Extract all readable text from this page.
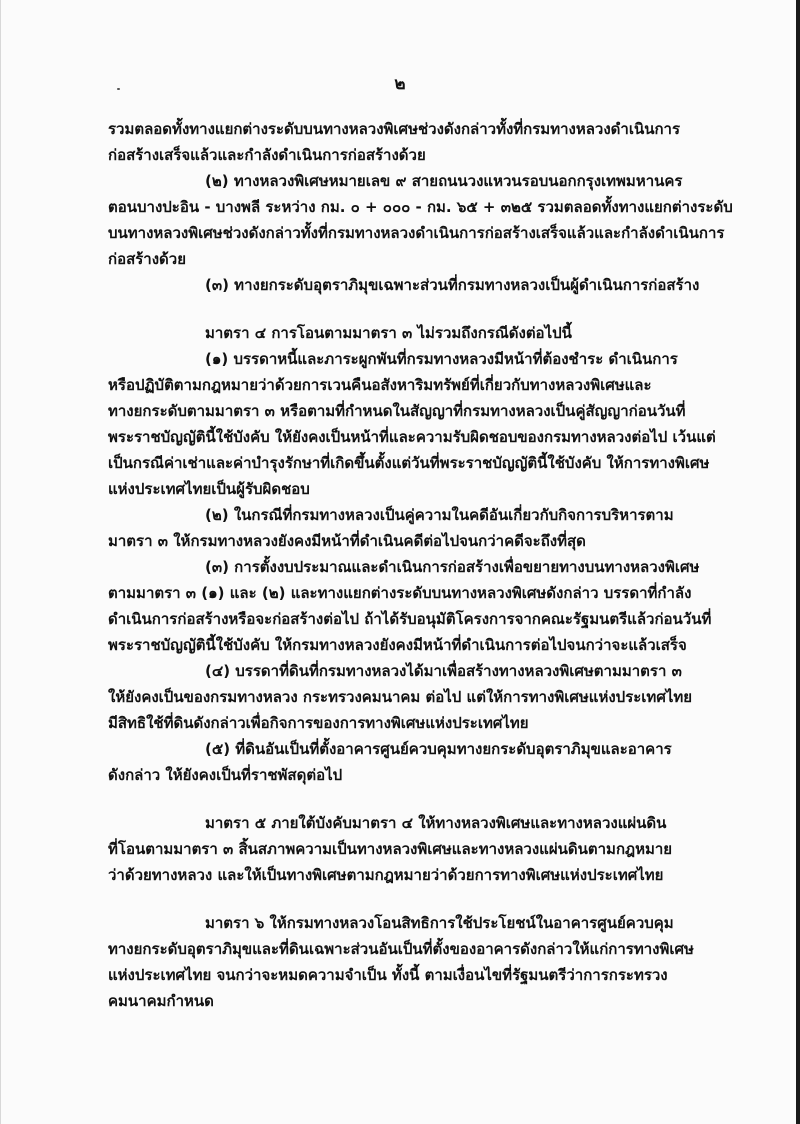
๒
รวมตลอดทั้งทางแยกต่างระดับบนทางหลวงพิเศษช่วงดังกล่าวทั้งที่กรมทางหลวงดำเนินการ
ก่อสร้างเสร็จแล้วและกำลังดำเนินการก่อสร้างด้วย
(๒) ทางหลวงพิเศษหมายเลข ๙ สายถนนวงแหวนรอบนอกกรุงเทพมหานคร
ตอนบางปะอิน - บางพลี ระหว่าง กม. ๐ + ๐๐๐ - กม. ๖๕ + ๓๒๕ รวมตลอดทั้งทางแยกต่างระดับ
บนทางหลวงพิเศษช่วงดังกล่าวทั้งที่กรมทางหลวงดำเนินการก่อสร้างเสร็จแล้วและกำลังดำเนินการ
ก่อสร้างด้วย
(๓) ทางยกระดับอุตราภิมุขเฉพาะส่วนที่กรมทางหลวงเป็นผู้ดำเนินการก่อสร้าง
มาตรา ๔ การโอนตามมาตรา ๓ ไม่รวมถึงกรณีดังต่อไปนี้
(๑) บรรดาหนี้และภาระผูกพันที่กรมทางหลวงมีหน้าที่ต้องชำระ ดำเนินการ
หรือปฏิบัติตามกฎหมายว่าด้วยการเวนคืนอสังหาริมทรัพย์ที่เกี่ยวกับทางหลวงพิเศษและ
ทางยกระดับตามมาตรา ๓ หรือตามที่กำหนดในสัญญาที่กรมทางหลวงเป็นคู่สัญญาก่อนวันที่
พระราชบัญญัตินี้ใช้บังคับ ให้ยังคงเป็นหน้าที่และความรับผิดชอบของกรมทางหลวงต่อไป เว้นแต่
เป็นกรณีค่าเช่าและค่าบำรุงรักษาที่เกิดขึ้นตั้งแต่วันที่พระราชบัญญัตินี้ใช้บังคับ ให้การทางพิเศษ
แห่งประเทศไทยเป็นผู้รับผิดชอบ
(๒) ในกรณีที่กรมทางหลวงเป็นคู่ความในคดีอันเกี่ยวกับกิจการบริหารตาม
มาตรา ๓ ให้กรมทางหลวงยังคงมีหน้าที่ดำเนินคดีต่อไปจนกว่าคดีจะถึงที่สุด
(๓) การตั้งงบประมาณและดำเนินการก่อสร้างเพื่อขยายทางบนทางหลวงพิเศษ
ตามมาตรา ๓ (๑) และ (๒) และทางแยกต่างระดับบนทางหลวงพิเศษดังกล่าว บรรดาที่กำลัง
ดำเนินการก่อสร้างหรือจะก่อสร้างต่อไป ถ้าได้รับอนุมัติโครงการจากคณะรัฐมนตรีแล้วก่อนวันที่
พระราชบัญญัตินี้ใช้บังคับ ให้กรมทางหลวงยังคงมีหน้าที่ดำเนินการต่อไปจนกว่าจะแล้วเสร็จ
(๔) บรรดาที่ดินที่กรมทางหลวงได้มาเพื่อสร้างทางหลวงพิเศษตามมาตรา ๓
ให้ยังคงเป็นของกรมทางหลวง กระทรวงคมนาคม ต่อไป แต่ให้การทางพิเศษแห่งประเทศไทย
มีสิทธิใช้ที่ดินดังกล่าวเพื่อกิจการของการทางพิเศษแห่งประเทศไทย
(๕) ที่ดินอันเป็นที่ตั้งอาคารศูนย์ควบคุมทางยกระดับอุตราภิมุขและอาคาร
ดังกล่าว ให้ยังคงเป็นที่ราชพัสดุต่อไป
มาตรา ๕ ภายใต้บังคับมาตรา ๔ ให้ทางหลวงพิเศษและทางหลวงแผ่นดิน
ที่โอนตามมาตรา ๓ สิ้นสภาพความเป็นทางหลวงพิเศษและทางหลวงแผ่นดินตามกฎหมาย
ว่าด้วยทางหลวง และให้เป็นทางพิเศษตามกฎหมายว่าด้วยการทางพิเศษแห่งประเทศไทย
มาตรา ๖ ให้กรมทางหลวงโอนสิทธิการใช้ประโยชน์ในอาคารศูนย์ควบคุม
ทางยกระดับอุตราภิมุขและที่ดินเฉพาะส่วนอันเป็นที่ตั้งของอาคารดังกล่าวให้แก่การทางพิเศษ
แห่งประเทศไทย จนกว่าจะหมดความจำเป็น ทั้งนี้ ตามเงื่อนไขที่รัฐมนตรีว่าการกระทรวง
คมนาคมกำหนด
